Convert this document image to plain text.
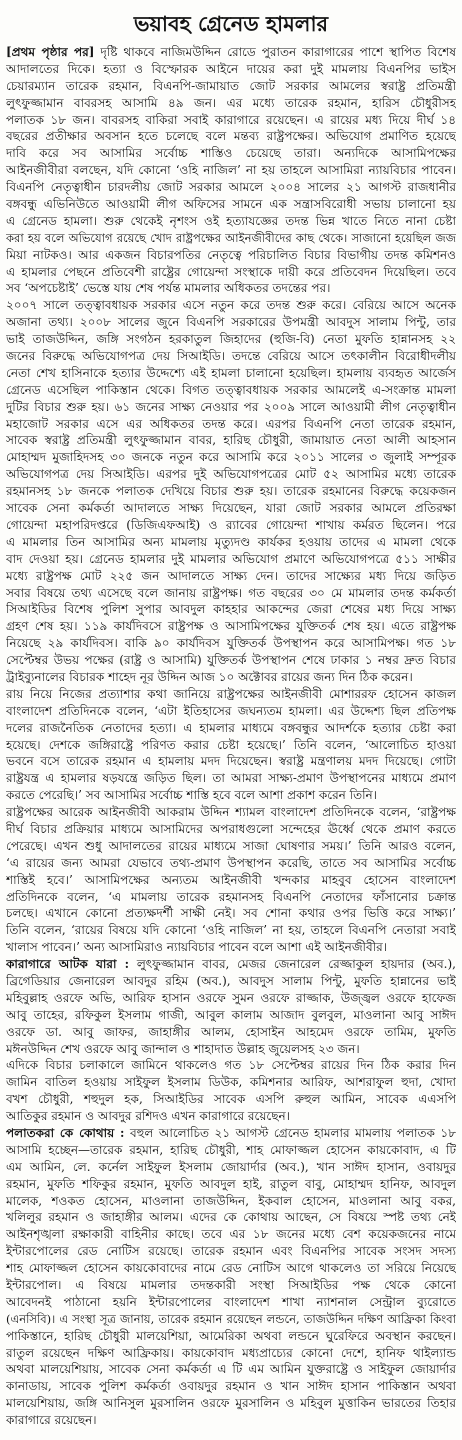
ভয়াবহ গ্রেনেড হামলার
[প্রথম পৃষ্ঠার পর] দৃষ্টি থাকবে নাজিমউদ্দিন রোডে পুরাতন কারাগারের পাশে স্থাপিত বিশেষ
আদালতের দিকে। হত্যা ও বিস্ফোরক আইনে দায়ের করা দুই মামলায় বিএনপির ভাইস
চেয়ারম্যান তারেক রহমান, বিএনপি-জামায়াত জোট সরকার আমলের স্বরাষ্ট্র প্রতিমন্ত্রী
লুৎফুজ্জামান বাবরসহ আসামি ৪৯ জন। এর মধ্যে তারেক রহমান, হারিস চৌধুরীসহ
পলাতক ১৮ জন। বাবরসহ বাকিরা সবাই কারাগারে রয়েছেন। এ রায়ের মধ্য দিয়ে দীর্ঘ ১৪
বছরের প্রতীক্ষার অবসান হতে চলেছে বলে মন্তব্য রাষ্ট্রপক্ষের। অভিযোগ প্রমাণিত হয়েছে
দাবি করে সব আসামির সর্বোচ্চ শাস্তিও চেয়েছে তারা। অন্যদিকে আসামিপক্ষের
আইনজীবীরা বলছেন, যদি কোনো ‘ওহি নাজিল’ না হয় তাহলে আসামিরা ন্যায়বিচার পাবেন।
বিএনপি নেতৃত্বাধীন চারদলীয় জোট সরকার আমলে ২০০৪ সালের ২১ আগস্ট রাজধানীর
বঙ্গবন্ধু এভিনিউতে আওয়ামী লীগ অফিসের সামনে এক সন্ত্রাসবিরোধী সভায় চালানো হয়
এ গ্রেনেড হামলা। শুরু থেকেই নৃশংস ওই হত্যাযজ্ঞের তদন্ত ভিন্ন খাতে নিতে নানা চেষ্টা
করা হয় বলে অভিযোগ রয়েছে খোদ রাষ্ট্রপক্ষের আইনজীবীদের কাছ থেকে। সাজানো হয়েছিল জজ
মিয়া নাটকও। আর একজন বিচারপতির নেতৃত্বে পরিচালিত বিচার বিভাগীয় তদন্ত কমিশনও
এ হামলার পেছনে প্রতিবেশী রাষ্ট্রের গোয়েন্দা সংস্থাকে দায়ী করে প্রতিবেদন দিয়েছিল। তবে
সব ‘অপচেষ্টাই’ ভেস্তে যায় শেষ পর্যন্ত মামলার অধিকতর তদন্তের পর।
২০০৭ সালে তত্ত্বাবধায়ক সরকার এসে নতুন করে তদন্ত শুরু করে। বেরিয়ে আসে অনেক
অজানা তথ্য। ২০০৮ সালের জুনে বিএনপি সরকারের উপমন্ত্রী আবদুস সালাম পিন্টু, তার
ভাই তাজউদ্দিন, জঙ্গি সংগঠন হরকাতুল জিহাদের (হুজি-বি) নেতা মুফতি হান্নানসহ ২২
জনের বিরুদ্ধে অভিযোগপত্র দেয় সিআইডি। তদন্তে বেরিয়ে আসে তৎকালীন বিরোধীদলীয়
নেতা শেখ হাসিনাকে হত্যার উদ্দেশ্যে এই হামলা চালানো হয়েছিল। হামলায় ব্যবহৃত আর্জেস
গ্রেনেড এসেছিল পাকিস্তান থেকে। বিগত তত্ত্বাবধায়ক সরকার আমলেই এ-সংক্রান্ত মামলা
দুটির বিচার শুরু হয়। ৬১ জনের সাক্ষ্য নেওয়ার পর ২০০৯ সালে আওয়ামী লীগ নেতৃত্বাধীন
মহাজোট সরকার এসে এর অধিকতর তদন্ত করে। এরপর বিএনপি নেতা তারেক রহমান,
সাবেক স্বরাষ্ট্র প্রতিমন্ত্রী লুৎফুজ্জামান বাবর, হারিছ চৌধুরী, জামায়াত নেতা আলী আহসান
মোহাম্মদ মুজাহিদসহ ৩০ জনকে নতুন করে আসামি করে ২০১১ সালের ৩ জুলাই সম্পূরক
অভিযোগপত্র দেয় সিআইডি। এরপর দুই অভিযোগপত্রের মোট ৫২ আসামির মধ্যে তারেক
রহমানসহ ১৮ জনকে পলাতক দেখিয়ে বিচার শুরু হয়। তারেক রহমানের বিরুদ্ধে কয়েকজন
সাবেক সেনা কর্মকর্তা আদালতে সাক্ষ্য দিয়েছেন, যারা জোট সরকার আমলে প্রতিরক্ষা
গোয়েন্দা মহাপরিদপ্তরে (ডিজিএফআই) ও র‍্যাবের গোয়েন্দা শাখায় কর্মরত ছিলেন। পরে
এ মামলার তিন আসামির অন্য মামলায় মৃত্যুদণ্ড কার্যকর হওয়ায় তাদের এ মামলা থেকে
বাদ দেওয়া হয়। গ্রেনেড হামলার দুই মামলার অভিযোগ প্রমাণে অভিযোগপত্রে ৫১১ সাক্ষীর
মধ্যে রাষ্ট্রপক্ষ মোট ২২৫ জন আদালতে সাক্ষ্য দেন। তাদের সাক্ষ্যের মধ্য দিয়ে জড়িত
সবার বিষয়ে তথ্য এসেছে বলে জানায় রাষ্ট্রপক্ষ। গত বছরের ৩০ মে মামলার তদন্ত কর্মকর্তা
সিআইডির বিশেষ পুলিশ সুপার আবদুল কাহহার আকন্দের জেরা শেষের মধ্য দিয়ে সাক্ষ্য
গ্রহণ শেষ হয়। ১১৯ কার্যদিবসে রাষ্ট্রপক্ষ ও আসামিপক্ষের যুক্তিতর্ক শেষ হয়। এতে রাষ্ট্রপক্ষ
নিয়েছে ২৯ কার্যদিবস। বাকি ৯০ কার্যদিবস যুক্তিতর্ক উপস্থাপন করে আসামিপক্ষ। গত ১৮
সেপ্টেম্বর উভয় পক্ষের (রাষ্ট্র ও আসামি) যুক্তিতর্ক উপস্থাপন শেষে ঢাকার ১ নম্বর দ্রুত বিচার
ট্রাইব্যুনালের বিচারক শাহেদ নূর উদ্দিন আজ ১০ অক্টোবর রায়ের জন্য দিন ঠিক করেন।
রায় নিয়ে নিজের প্রত্যাশার কথা জানিয়ে রাষ্ট্রপক্ষের আইনজীবী মোশাররফ হোসেন কাজল
বাংলাদেশ প্রতিদিনকে বলেন, ‘এটা ইতিহাসের জঘন্যতম হামলা। এর উদ্দেশ্য ছিল প্রতিপক্ষ
দলের রাজনৈতিক নেতাদের হত্যা। এ হামলার মাধ্যমে বঙ্গবন্ধুর আদর্শকে হত্যার চেষ্টা করা
হয়েছে। দেশকে জঙ্গিরাষ্ট্রে পরিণত করার চেষ্টা হয়েছে।’ তিনি বলেন, ‘আলোচিত হাওয়া
ভবনে বসে তারেক রহমান এ হামলায় মদদ দিয়েছেন। স্বরাষ্ট্র মন্ত্রণালয় মদদ দিয়েছে। গোটা
রাষ্ট্রযন্ত্র এ হামলার ষড়যন্ত্রে জড়িত ছিল। তা আমরা সাক্ষ্য-প্রমাণ উপস্থাপনের মাধ্যমে প্রমাণ
করতে পেরেছি।’ সব আসামির সর্বোচ্চ শাস্তি হবে বলে আশা প্রকাশ করেন তিনি।
রাষ্ট্রপক্ষের আরেক আইনজীবী আকরাম উদ্দিন শ্যামল বাংলাদেশ প্রতিদিনকে বলেন, ‘রাষ্ট্রপক্ষ
দীর্ঘ বিচার প্রক্রিয়ার মাধ্যমে আসামিদের অপরাধগুলো সন্দেহের ঊর্ধ্বে থেকে প্রমাণ করতে
পেরেছে। এখন শুধু আদালতের রায়ের মাধ্যমে সাজা ঘোষণার সময়।’ তিনি আরও বলেন,
‘এ রায়ের জন্য আমরা যেভাবে তথ্য-প্রমাণ উপস্থাপন করেছি, তাতে সব আসামির সর্বোচ্চ
শাস্তিই হবে।’ আসামিপক্ষের অন্যতম আইনজীবী খন্দকার মাহবুব হোসেন বাংলাদেশ
প্রতিদিনকে বলেন, ‘এ মামলায় তারেক রহমানসহ বিএনপি নেতাদের ফাঁসানোর চক্রান্ত
চলছে। এখানে কোনো প্রত্যক্ষদর্শী সাক্ষী নেই। সব শোনা কথার ওপর ভিত্তি করে সাক্ষ্য।’
তিনি বলেন, ‘রায়ের বিষয়ে যদি কোনো ‘ওহি নাজিল’ না হয়, তাহলে বিএনপি নেতারা সবাই
খালাস পাবেন।’ অন্য আসামিরাও ন্যায়বিচার পাবেন বলে আশা এই আইনজীবীর।
কারাগারে আটক যারা : লুৎফুজ্জামান বাবর, মেজর জেনারেল রেজ্জাকুল হায়দার (অব.),
ব্রিগেডিয়ার জেনারেল আবদুর রহিম (অব.), আবদুস সালাম পিন্টু, মুফতি হান্নানের ভাই
মহিবুল্লাহ ওরফে অভি, আরিফ হাসান ওরফে সুমন ওরফে রাজ্জাক, উজ্জ্বল ওরফে হাফেজ
আবু তাহের, রফিকুল ইসলাম গাজী, আবুল কালাম আজাদ বুলবুল, মাওলানা আবু সাঈদ
ওরফে ডা. আবু জাফর, জাহাঙ্গীর আলম, হোসাইন আহমেদ ওরফে তামিম, মুফতি
মঈনউদ্দিন শেখ ওরফে আবু জান্দাল ও শাহাদাত উল্লাহ জুয়েলসহ ২৩ জন।
এদিকে বিচার চলাকালে জামিনে থাকলেও গত ১৮ সেপ্টেম্বর রায়ের দিন ঠিক করার দিন
জামিন বাতিল হওয়ায় সাইফুল ইসলাম ডিউক, কমিশনার আরিফ, আশরাফুল হুদা, খোদা
বখশ চৌধুরী, শহুদুল হক, সিআইডির সাবেক এসপি রুহুল আমিন, সাবেক এএসপি
আতিকুর রহমান ও আবদুর রশিদও এখন কারাগারে রয়েছেন।
পলাতকরা কে কোথায় : বহুল আলোচিত ২১ আগস্ট গ্রেনেড হামলার মামলায় পলাতক ১৮
আসামি হচ্ছেন—তারেক রহমান, হারিছ চৌধুরী, শাহ মোফাজ্জল হোসেন কায়কোবাদ, এ টি
এম আমিন, লে. কর্নেল সাইফুল ইসলাম জোয়ার্দার (অব.), খান সাঈদ হাসান, ওবায়দুর
রহমান, মুফতি শফিকুর রহমান, মুফতি আবদুল হাই, রাতুল বাবু, মোহাম্মদ হানিফ, আবদুল
মালেক, শওকত হোসেন, মাওলানা তাজউদ্দিন, ইকবাল হোসেন, মাওলানা আবু বকর,
খলিলুর রহমান ও জাহাঙ্গীর আলম। এদের কে কোথায় আছেন, সে বিষয়ে স্পষ্ট তথ্য নেই
আইনশৃঙ্খলা রক্ষাকারী বাহিনীর কাছে। তবে এর ১৮ জনের মধ্যে বেশ কয়েকজনের নামে
ইন্টারপোলের রেড নোটিস রয়েছে। তারেক রহমান এবং বিএনপির সাবেক সংসদ সদস্য
শাহ মোফাজ্জল হোসেন কায়কোবাদের নামে রেড নোটিস আগে থাকলেও তা সরিয়ে নিয়েছে
ইন্টারপোল। এ বিষয়ে মামলার তদন্তকারী সংস্থা সিআইডির পক্ষ থেকে কোনো
আবেদনই পাঠানো হয়নি ইন্টারপোলের বাংলাদেশ শাখা ন্যাশনাল সেন্ট্রাল ব্যুরোতে
(এনসিবি)। এ সংস্থা সূত্র জানায়, তারেক রহমান রয়েছেন লন্ডনে, তাজউদ্দিন দক্ষিণ আফ্রিকা কিংবা
পাকিস্তানে, হারিছ চৌধুরী মালয়েশিয়া, আমেরিকা অথবা লন্ডনে ঘুরেফিরে অবস্থান করছেন।
রাতুল রয়েছেন দক্ষিণ আফ্রিকায়। কায়কোবাদ মধ্যপ্রাচ্যের কোনো দেশে, হানিফ থাইল্যান্ড
অথবা মালয়েশিয়ায়, সাবেক সেনা কর্মকর্তা এ টি এম আমিন যুক্তরাষ্ট্রে ও সাইফুল জোয়ার্দার
কানাডায়, সাবেক পুলিশ কর্মকর্তা ওবায়দুর রহমান ও খান সাঈদ হাসান পাকিস্তান অথবা
মালয়েশিয়ায়, জঙ্গি আনিসুল মুরসালিন ওরফে মুরসালিন ও মহিবুল মুত্তাকিন ভারতের তিহার
কারাগারে রয়েছেন।
